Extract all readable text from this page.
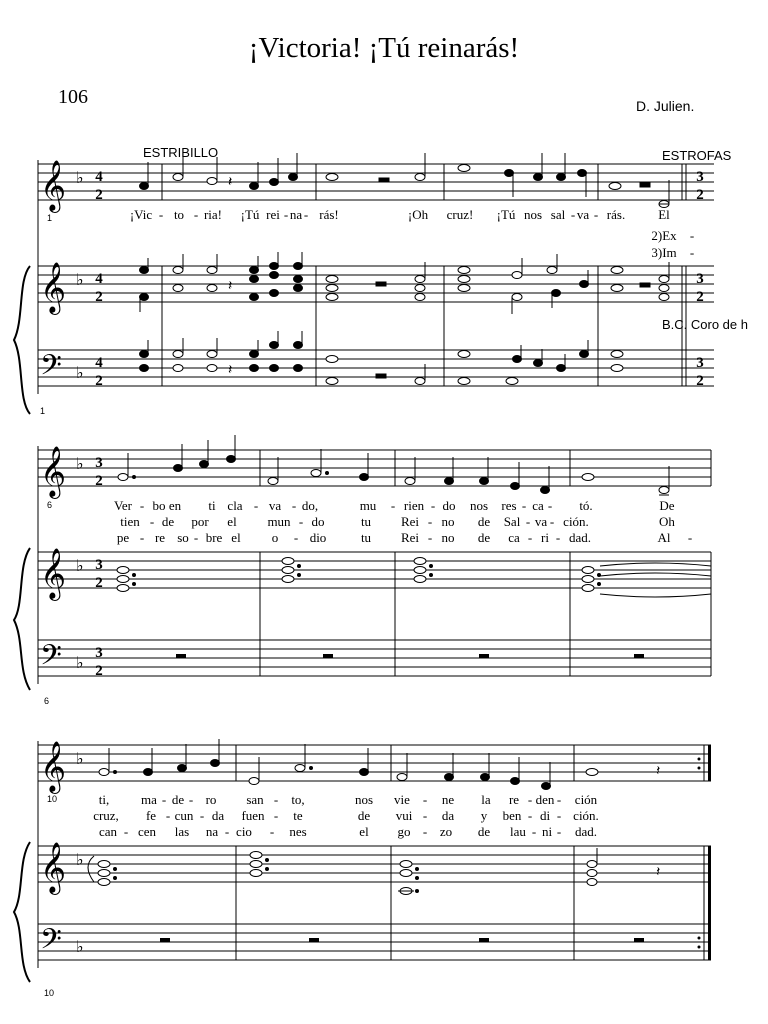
¡Victoria! ¡Tú reinarás!
106	D. Julien.
ESTRIBILLO	ESTROFAS
B.C. Coro de h
𝄞
𝄞
𝄢
♭
♭
♭
4
2
4
2
4
2
3
2
3
2
3
2
𝄽
𝄽
𝄽
1
1
¡Vic - to - ria! ¡Tú rei - na - rás!	¡Oh cruz! ¡Tú nos sal - va - rás.	El
2)Ex -
3)Im -
𝄞
𝄞
𝄢
♭
♭
♭
3
2
3
2
3
2
6
6
Ver - bo en ti cla - va - do,	mu - rien - do nos res - ca - tó.	De
tien - de por el mun - do	tu Rei - no de Sal - va - ción.	Oh
pe - re so - bre el o - dio	tu Rei - no de ca - ri - dad.	Al -
𝄞
𝄞
𝄢
♭
♭
♭
𝄽
𝄽
10
10
ti, ma - de - ro san - to,	nos vie - ne la re - den - ción
cruz, fe - cun - da fuen - te	de vui - da y ben - di - ción.
can - cen las na - cio - nes	el go - zo de lau - ni - dad.
